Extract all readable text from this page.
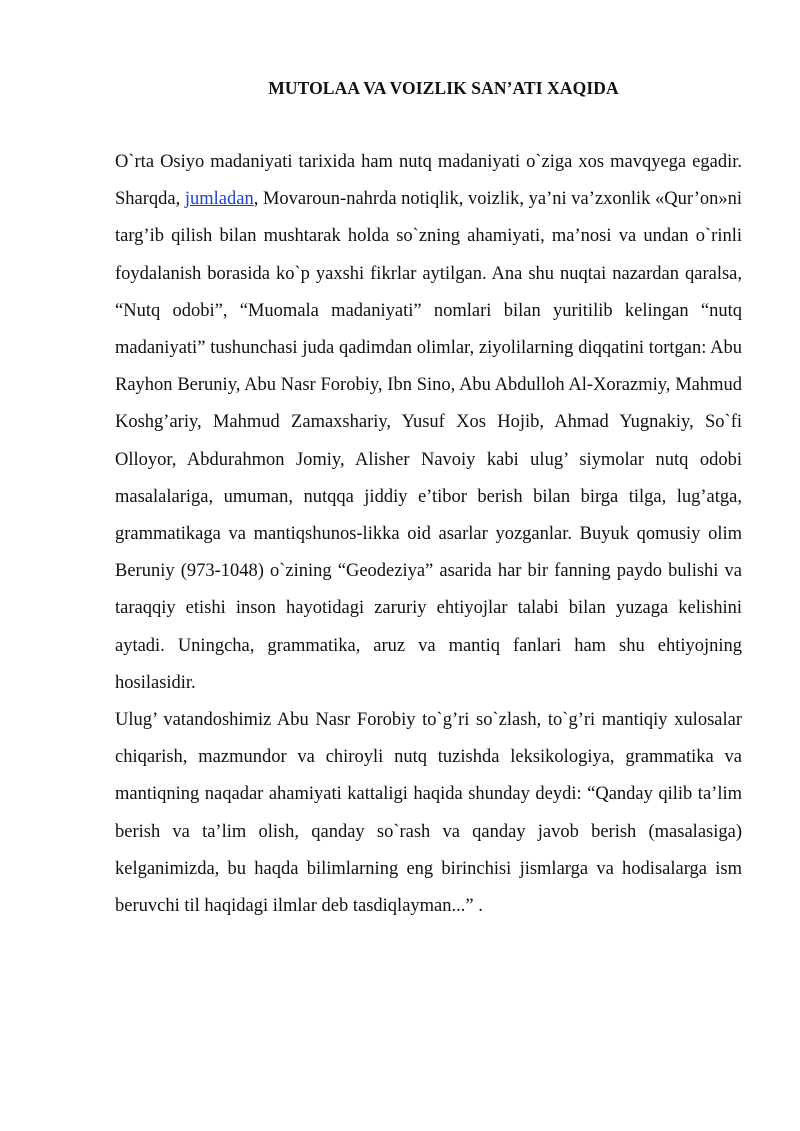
MUTOLAA VA VOIZLIK SAN’ATI XAQIDA

O`rta Osiyo madaniyati tarixida ham nutq madaniyati o`ziga xos mavqyega egadir. Sharqda, jumladan, Movaroun-nahrda notiqlik, voizlik, ya’ni va’zxonlik «Qur’on»ni targ’ib qilish bilan mushtarak holda so`zning ahamiyati, ma’nosi va undan o`rinli foydalanish borasida ko`p yaxshi fikrlar aytilgan. Ana shu nuqtai nazardan qaralsa, “Nutq odobi”, “Muomala madaniyati” nomlari bilan yuritilib kelingan “nutq madaniyati” tushunchasi juda qadimdan olimlar, ziyolilarning diqqatini tortgan: Abu Rayhon Beruniy, Abu Nasr Forobiy, Ibn Sino, Abu Abdulloh Al-Xorazmiy, Mahmud Koshg’ariy, Mahmud Zamaxshariy, Yusuf Xos Hojib, Ahmad Yugnakiy, So`fi Olloyor, Abdurahmon Jomiy, Alisher Navoiy kabi ulug’ siymolar nutq odobi masalalariga, umuman, nutqqa jiddiy e’tibor berish bilan birga tilga, lug’atga, grammatikaga va mantiqshunos-likka oid asarlar yozganlar. Buyuk qomusiy olim Beruniy (973-1048) o`zining “Geodeziya” asarida har bir fanning paydo bulishi va taraqqiy etishi inson hayotidagi zaruriy ehtiyojlar talabi bilan yuzaga kelishini aytadi. Uningcha, grammatika, aruz va mantiq fanlari ham shu ehtiyojning hosilasidir.

Ulug’ vatandoshimiz Abu Nasr Forobiy to`g’ri so`zlash, to`g’ri mantiqiy xulosalar chiqarish, mazmundor va chiroyli nutq tuzishda leksikologiya, grammatika va mantiqning naqadar ahamiyati kattaligi haqida shunday deydi: “Qanday qilib ta’lim berish va ta’lim olish, qanday so`rash va qanday javob berish (masalasiga) kelganimizda, bu haqda bilimlarning eng birinchisi jismlarga va hodisalarga ism beruvchi til haqidagi ilmlar deb tasdiqlayman...” .
